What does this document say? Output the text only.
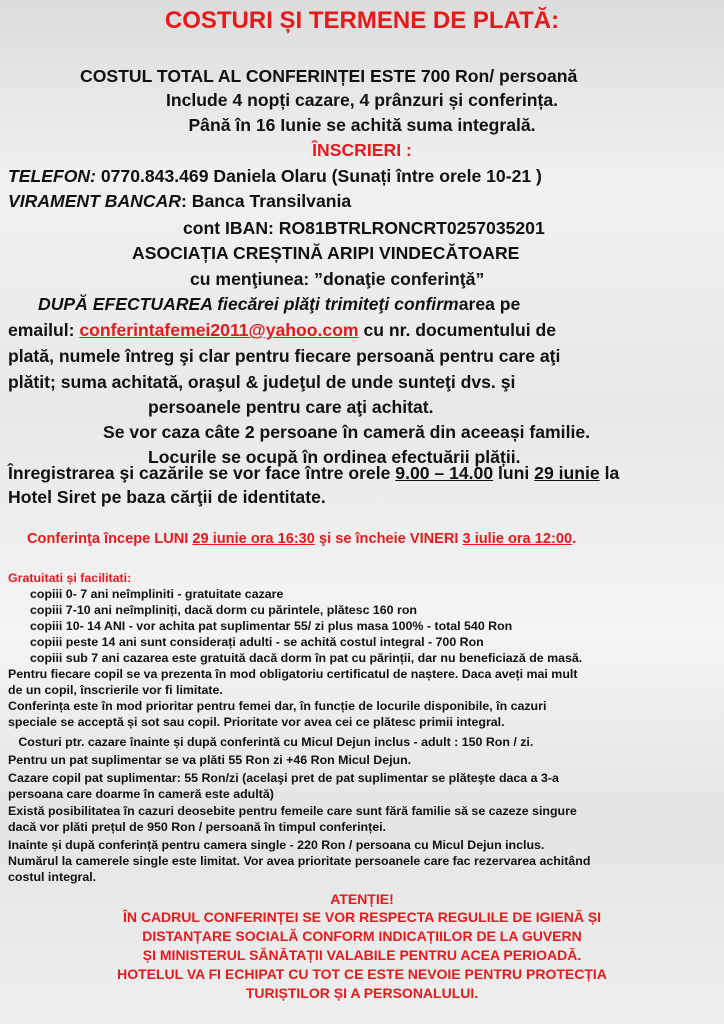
COSTURI ȘI TERMENE DE PLATĂ:
COSTUL TOTAL AL CONFERINȚEI ESTE 700 Ron/ persoană
Include 4 nopți cazare, 4 prânzuri și conferința.
Până în 16 Iunie se achită suma integrală.
ÎNSCRIERI :
TELEFON: 0770.843.469 Daniela Olaru (Sunați între orele 10-21 )
VIRAMENT BANCAR: Banca Transilvania
cont IBAN: RO81BTRLRONCRT0257035201
ASOCIAȚIA CREȘTINĂ ARIPI VINDECĂTOARE
cu menţiunea: ”donaţie conferinţă”
DUPĂ EFECTUAREA fiecărei plăţi trimiteţi confirmarea pe
emailul: conferintafemei2011@yahoo.com cu nr. documentului de
plată, numele întreg şi clar pentru fiecare persoană pentru care aţi
plătit; suma achitată, oraşul & judeţul de unde sunteţi dvs. şi
persoanele pentru care aţi achitat.
Se vor caza câte 2 persoane în cameră din aceeași familie.
Locurile se ocupă în ordinea efectuării plății.
Înregistrarea şi cazările se vor face între orele 9.00 – 14.00 luni 29 iunie la
Hotel Siret pe baza cărţii de identitate.
Conferinţa începe LUNI 29 iunie ora 16:30 şi se încheie VINERI 3 iulie ora 12:00.
Gratuitati și facilitati:
copiii 0- 7 ani neîmpliniti - gratuitate cazare
copiii 7-10 ani neîmpliniți, dacă dorm cu părintele, plătesc 160 ron
copiii 10- 14 ANI - vor achita pat suplimentar 55/ zi plus masa 100% - total 540 Ron
copiii peste 14 ani sunt considerați adulti - se achită costul integral - 700 Ron
copiii sub 7 ani cazarea este gratuită dacă dorm în pat cu părinții, dar nu beneficiază de masă.
Pentru fiecare copil se va prezenta în mod obligatoriu certificatul de naștere. Daca aveți mai mult
de un copil, înscrierile vor fi limitate.
Conferința este în mod prioritar pentru femei dar, în funcție de locurile disponibile, în cazuri
speciale se acceptă și sot sau copil. Prioritate vor avea cei ce plătesc primii integral.
Costuri ptr. cazare înainte și după conferintă cu Micul Dejun inclus - adult : 150 Ron / zi.
Pentru un pat suplimentar se va plăti 55 Ron zi +46 Ron Micul Dejun.
Cazare copil pat suplimentar: 55 Ron/zi (acelaşi pret de pat suplimentar se plăteşte daca a 3-a
persoana care doarme în cameră este adultă)
Există posibilitatea în cazuri deosebite pentru femeile care sunt fără familie să se cazeze singure
dacă vor plăti prețul de 950 Ron / persoană în timpul conferinței.
Inainte și după conferință pentru camera single - 220 Ron / persoana cu Micul Dejun inclus.
Numărul la camerele single este limitat. Vor avea prioritate persoanele care fac rezervarea achitând
costul integral.
ATENȚIE!
ÎN CADRUL CONFERINȚEI SE VOR RESPECTA REGULILE DE IGIENĂ ȘI
DISTANȚARE SOCIALĂ CONFORM INDICAȚIILOR DE LA GUVERN
ȘI MINISTERUL SĂNĂTAȚII VALABILE PENTRU ACEA PERIOADĂ.
HOTELUL VA FI ECHIPAT CU TOT CE ESTE NEVOIE PENTRU PROTECȚIA
TURIȘTILOR ȘI A PERSONALULUI.
